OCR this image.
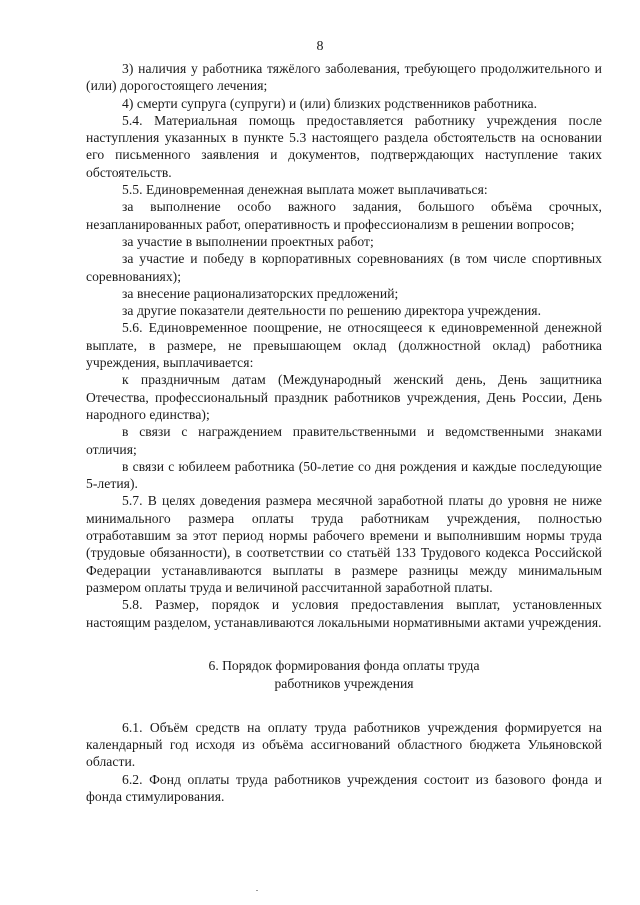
8

3) наличия у работника тяжёлого заболевания, требующего продолжительного и (или) дорогостоящего лечения;

4) смерти супруга (супруги) и (или) близких родственников работника.

5.4. Материальная помощь предоставляется работнику учреждения после наступления указанных в пункте 5.3 настоящего раздела обстоятельств на основании его письменного заявления и документов, подтверждающих наступление таких обстоятельств.

5.5. Единовременная денежная выплата может выплачиваться:

за выполнение особо важного задания, большого объёма срочных, незапланированных работ, оперативность и профессионализм в решении вопросов;

за участие в выполнении проектных работ;

за участие и победу в корпоративных соревнованиях (в том числе спортивных соревнованиях);

за внесение рационализаторских предложений;

за другие показатели деятельности по решению директора учреждения.

5.6. Единовременное поощрение, не относящееся к единовременной денежной выплате, в размере, не превышающем оклад (должностной оклад) работника учреждения, выплачивается:

к праздничным датам (Международный женский день, День защитника Отечества, профессиональный праздник работников учреждения, День России, День народного единства);

в связи с награждением правительственными и ведомственными знаками отличия;

в связи с юбилеем работника (50-летие со дня рождения и каждые последующие 5-летия).

5.7. В целях доведения размера месячной заработной платы до уровня не ниже минимального размера оплаты труда работникам учреждения, полностью отработавшим за этот период нормы рабочего времени и выполнившим нормы труда (трудовые обязанности), в соответствии со статьёй 133 Трудового кодекса Российской Федерации устанавливаются выплаты в размере разницы между минимальным размером оплаты труда и величиной рассчитанной заработной платы.

5.8. Размер, порядок и условия предоставления выплат, установленных настоящим разделом, устанавливаются локальными нормативными актами учреждения.

6. Порядок формирования фонда оплаты труда
работников учреждения

6.1. Объём средств на оплату труда работников учреждения формируется на календарный год исходя из объёма ассигнований областного бюджета Ульяновской области.

6.2. Фонд оплаты труда работников учреждения состоит из базового фонда и фонда стимулирования.
